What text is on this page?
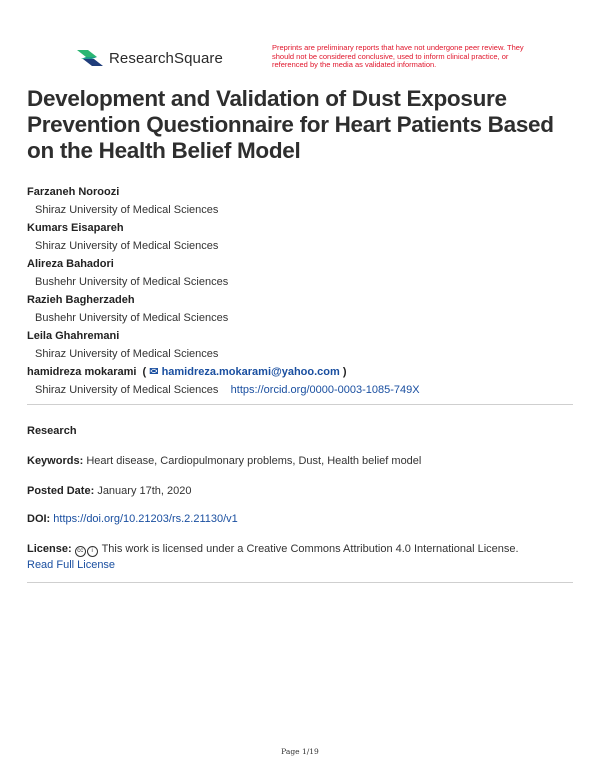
ResearchSquare
Preprints are preliminary reports that have not undergone peer review. They should not be considered conclusive, used to inform clinical practice, or referenced by the media as validated information.
Development and Validation of Dust Exposure Prevention Questionnaire for Heart Patients Based on the Health Belief Model
Farzaneh Noroozi
Shiraz University of Medical Sciences
Kumars Eisapareh
Shiraz University of Medical Sciences
Alireza Bahadori
Bushehr University of Medical Sciences
Razieh Bagherzadeh
Bushehr University of Medical Sciences
Leila Ghahremani
Shiraz University of Medical Sciences
hamidreza mokarami  ( ✉ hamidreza.mokarami@yahoo.com )
Shiraz University of Medical Sciences https://orcid.org/0000-0003-1085-749X
Research
Keywords: Heart disease, Cardiopulmonary problems, Dust, Health belief model
Posted Date: January 17th, 2020
DOI: https://doi.org/10.21203/rs.2.21130/v1
License: cc i This work is licensed under a Creative Commons Attribution 4.0 International License.
Read Full License
Page 1/19
